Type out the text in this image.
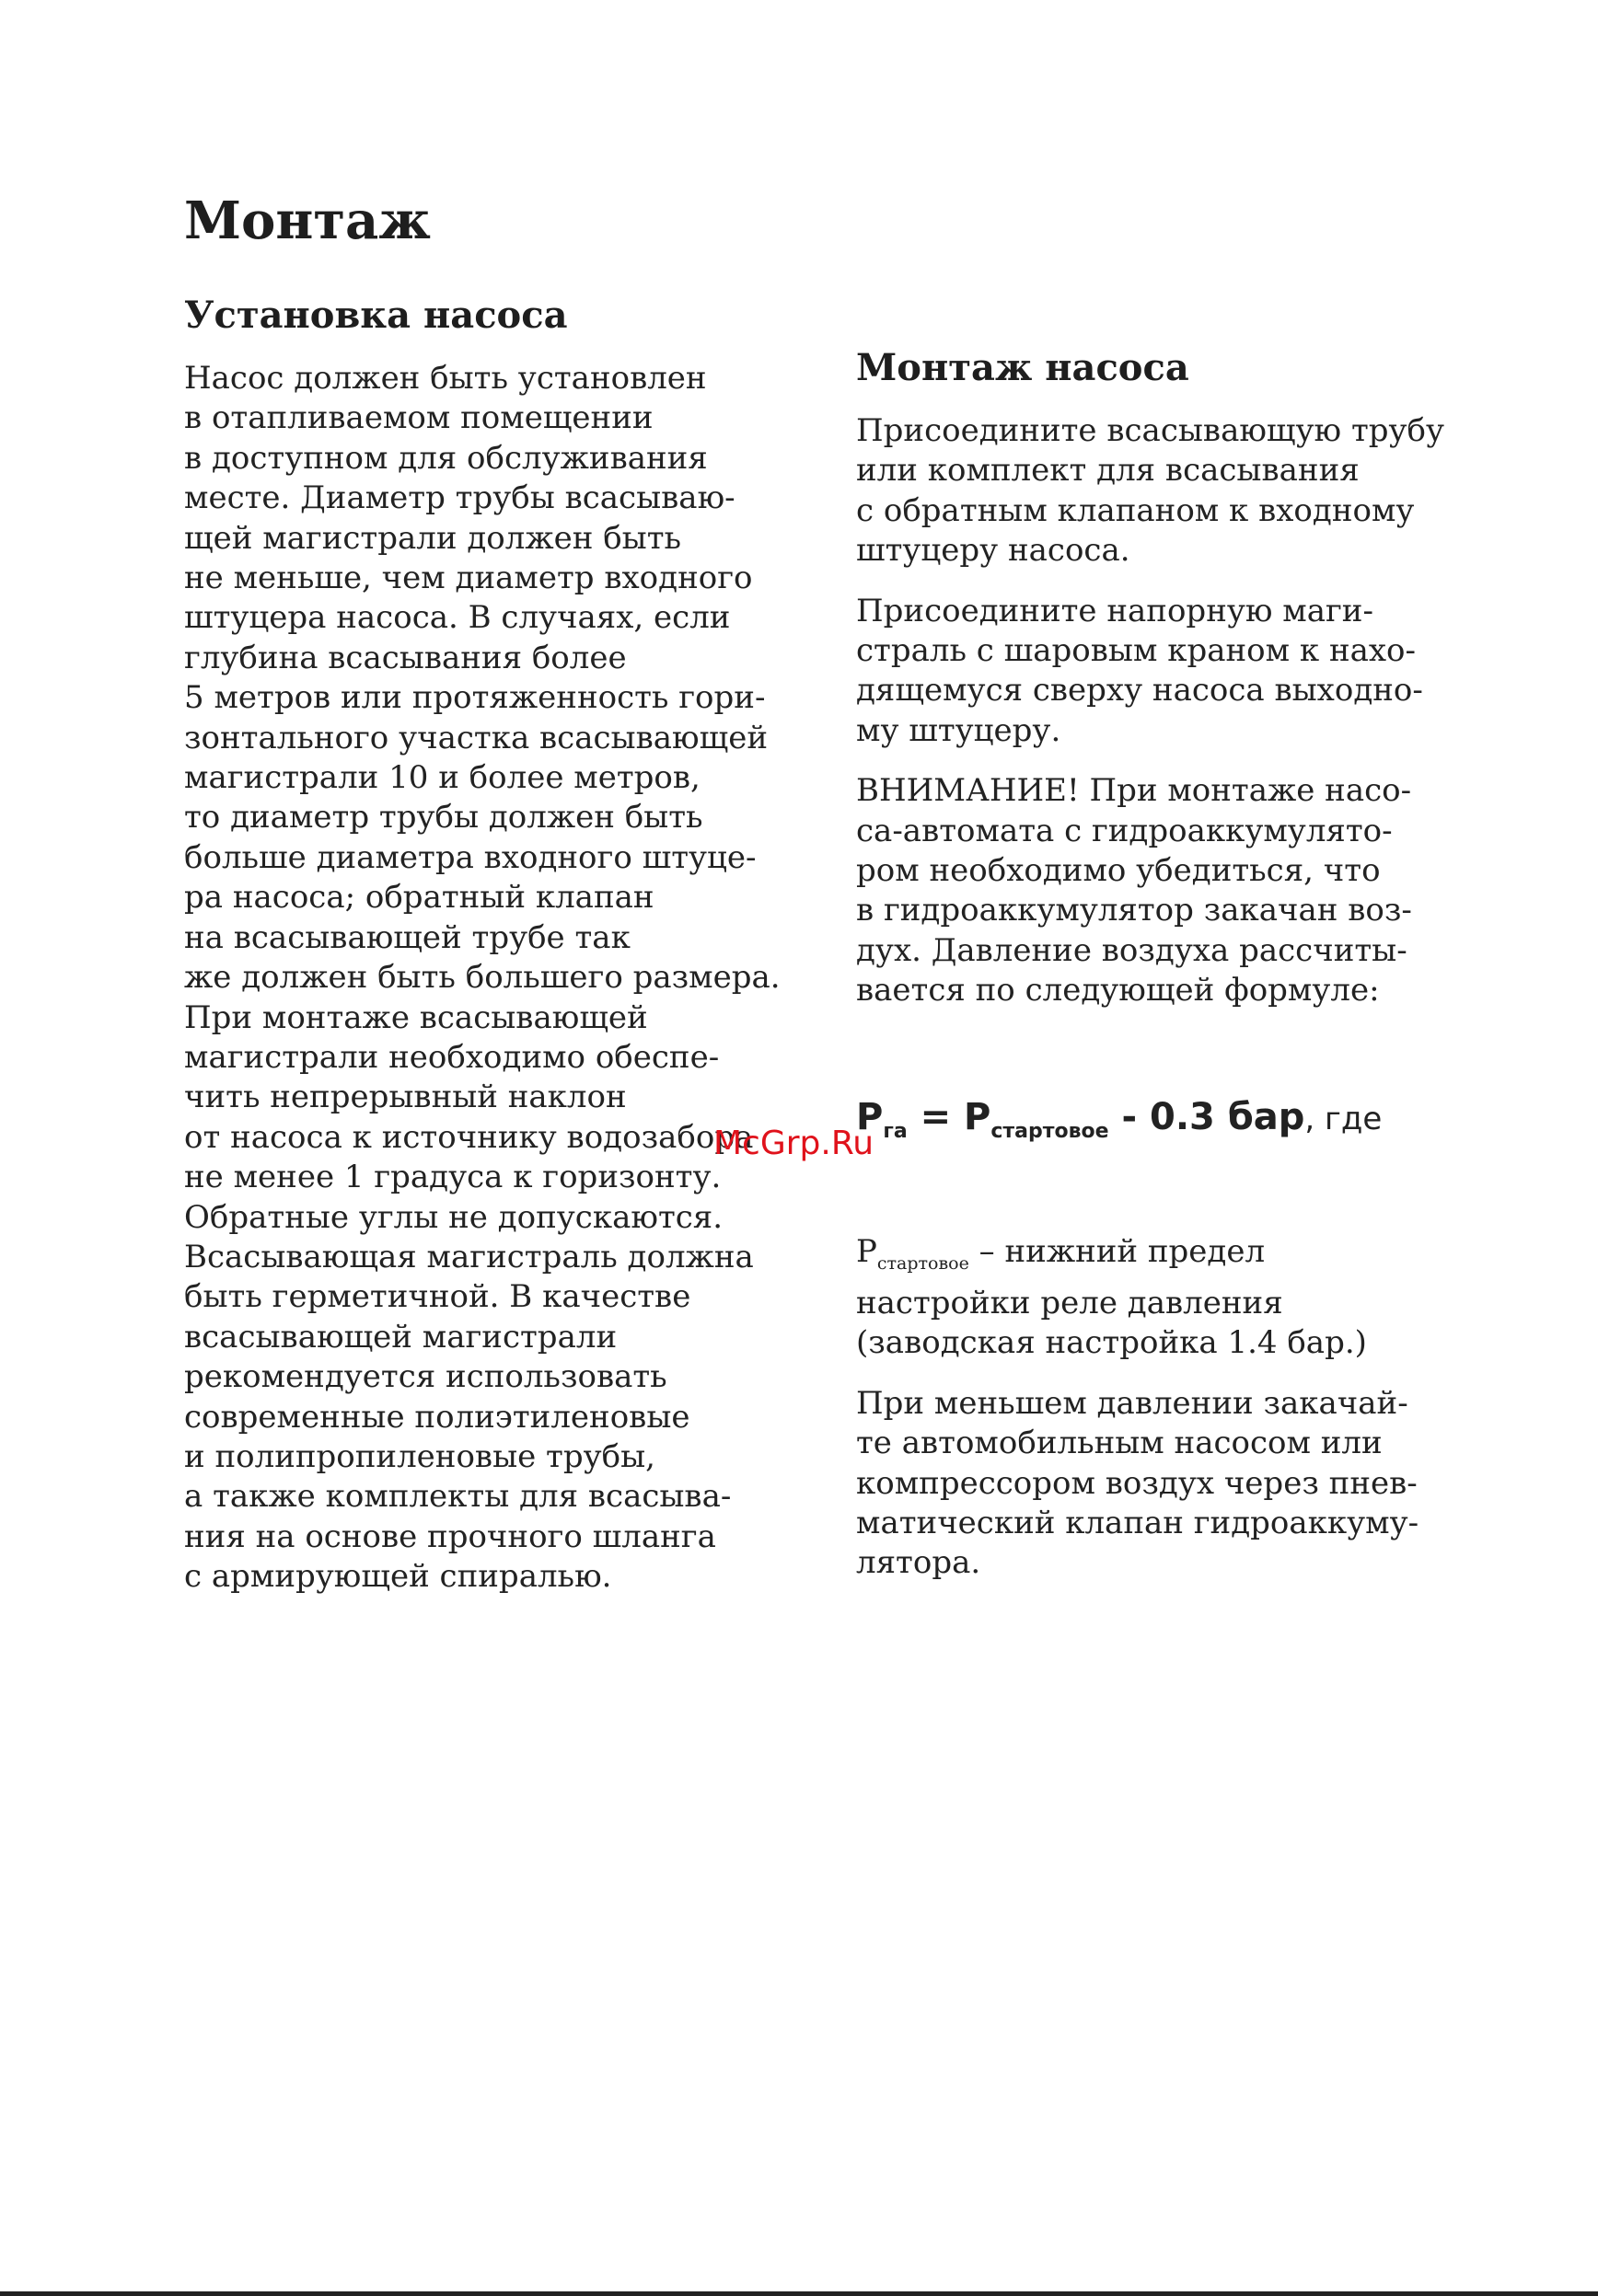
Монтаж
Установка насоса
Насос должен быть установлен
в отапливаемом помещении
в доступном для обслуживания
месте. Диаметр трубы всасываю-
щей магистрали должен быть
не меньше, чем диаметр входного
штуцера насоса. В случаях, если
глубина всасывания более
5 метров или протяженность гори-
зонтального участка всасывающей
магистрали 10 и более метров,
то диаметр трубы должен быть
больше диаметра входного штуце-
ра насоса; обратный клапан
на всасывающей трубе так
же должен быть большего размера.
При монтаже всасывающей
магистрали необходимо обеспе-
чить непрерывный наклон
от насоса к источнику водозабора
не менее 1 градуса к горизонту.
Обратные углы не допускаются.
Всасывающая магистраль должна
быть герметичной. В качестве
всасывающей магистрали
рекомендуется использовать
современные полиэтиленовые
и полипропиленовые трубы,
а также комплекты для всасыва-
ния на основе прочного шланга
с армирующей спиралью.
Монтаж насоса
Присоедините всасывающую трубу
или комплект для всасывания
с обратным клапаном к входному
штуцеру насоса.
Присоедините напорную маги-
страль с шаровым краном к нахо-
дящемуся сверху насоса выходно-
му штуцеру.
ВНИМАНИЕ! При монтаже насо-
са-автомата с гидроаккумулято-
ром необходимо убедиться, что
в гидроаккумулятор закачан воз-
дух. Давление воздуха рассчиты-
вается по следующей формуле:
$P_{га} = P_{стартовое} - 0.3$ бар, где
$P_{стартовое}$ – нижний предел
настройки реле давления
(заводская настройка 1.4 бар.)
При меньшем давлении закачай-
те автомобильным насосом или
компрессором воздух через пнев-
матический клапан гидроаккуму-
лятора.
McGrp.Ru
